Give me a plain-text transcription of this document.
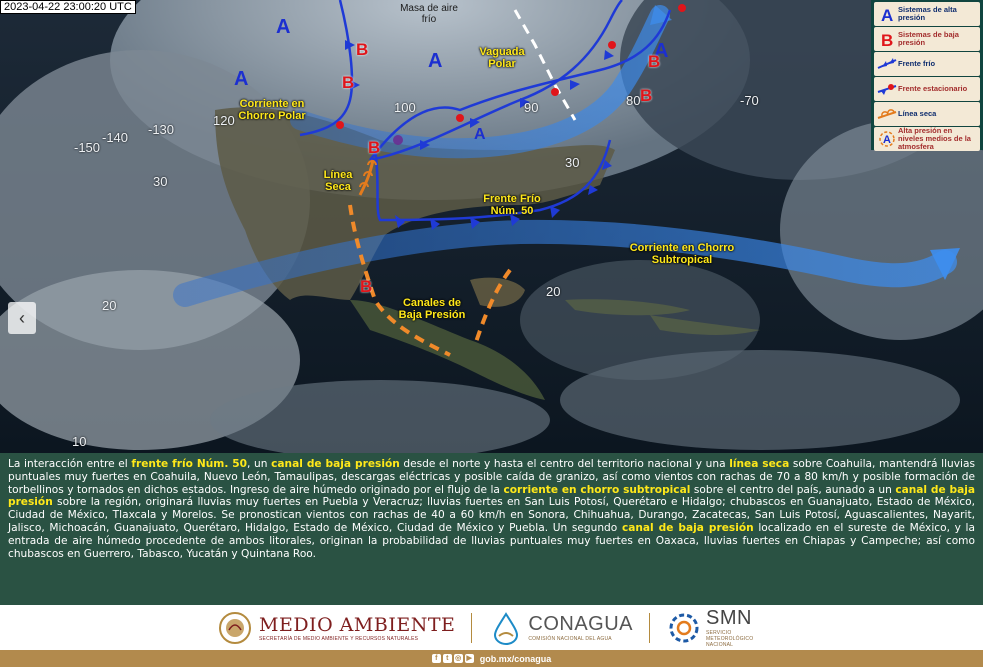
2023-04-22 23:00:20 UTC
-150
-140
-130
120
100	90	80	-70
30
20
20
30
10
Masa de aire frío
Vaguada Polar
Corriente en Chorro Polar
Línea Seca
Frente Frío Núm. 50
Corriente en Chorro Subtropical
Canales de Baja Presión
A
A
A
A
A
B
B
B
B
B
B
A Sistemas de alta presión
B Sistemas de baja presión
Frente frío
Frente estacionario
Línea seca
A
Alta presión en niveles medios de la atmosfera
‹
La interacción entre el frente frío Núm. 50, un canal de baja presión desde el norte y hasta el centro del territorio nacional y una línea seca sobre Coahuila, mantendrá lluvias puntuales muy fuertes en Coahuila, Nuevo León, Tamaulipas, descargas eléctricas y posible caída de granizo, así como vientos con rachas de 70 a 80 km/h y posible formación de torbellinos y tornados en dichos estados. Ingreso de aire húmedo originado por el flujo de la corriente en chorro subtropical sobre el centro del país, aunado a un canal de baja presión sobre la región, originará lluvias muy fuertes en Puebla y Veracruz; lluvias fuertes en San Luis Potosí, Querétaro e Hidalgo; chubascos en Guanajuato, Estado de México, Ciudad de México, Tlaxcala y Morelos. Se pronostican vientos con rachas de 40 a 60 km/h en Sonora, Chihuahua, Durango, Zacatecas, San Luis Potosí, Aguascalientes, Nayarit, Jalisco, Michoacán, Guanajuato, Querétaro, Hidalgo, Estado de México, Ciudad de México y Puebla. Un segundo canal de baja presión localizado en el sureste de México, y la entrada de aire húmedo procedente de ambos litorales, originan la probabilidad de lluvias puntuales muy fuertes en Oaxaca, lluvias fuertes en Chiapas y Campeche; así como chubascos en Guerrero, Tabasco, Yucatán y Quintana Roo.
MEDIO AMBIENTE
SECRETARÍA DE MEDIO AMBIENTE Y RECURSOS NATURALES
CONAGUA
COMISIÓN NACIONAL DEL AGUA
SMN
SERVICIO METEOROLÓGICO NACIONAL
f	t ◎ ▶ gob.mx/conagua
